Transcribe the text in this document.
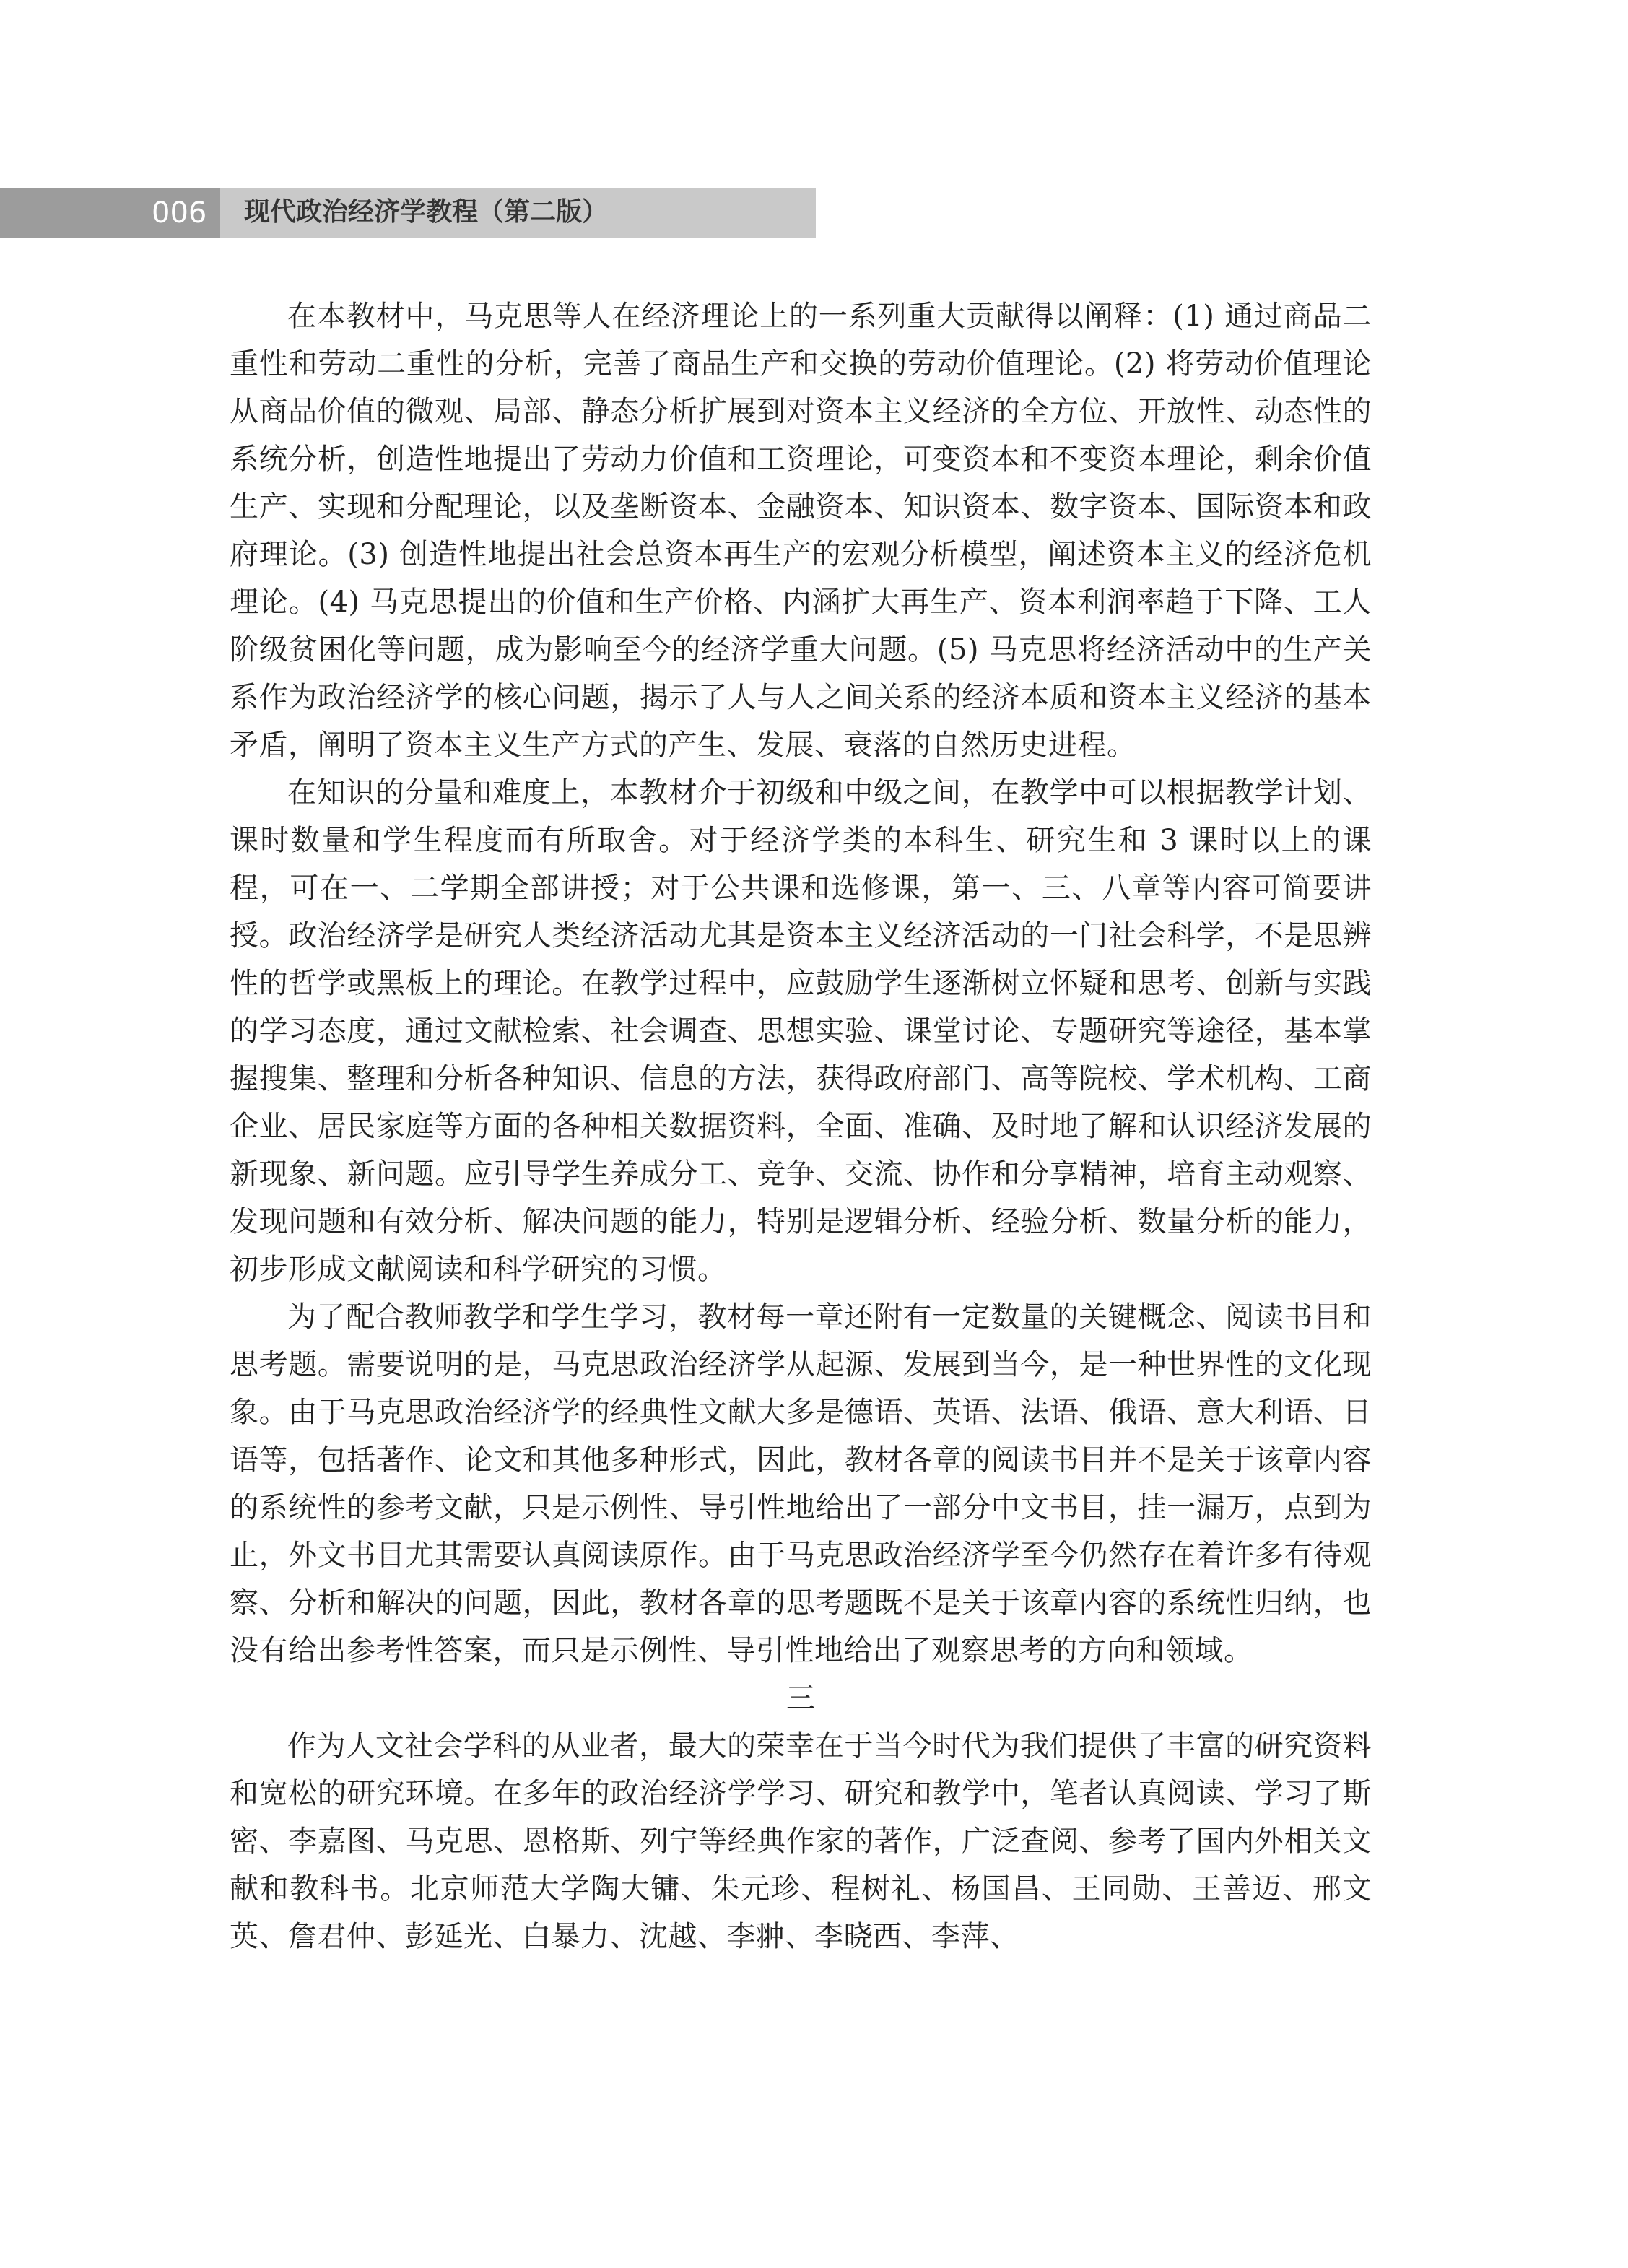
006 现代政治经济学教程（第二版）

在本教材中，马克思等人在经济理论上的一系列重大贡献得以阐释：(1) 通过商品二重性和劳动二重性的分析，完善了商品生产和交换的劳动价值理论。(2) 将劳动价值理论从商品价值的微观、局部、静态分析扩展到对资本主义经济的全方位、开放性、动态性的系统分析，创造性地提出了劳动力价值和工资理论，可变资本和不变资本理论，剩余价值生产、实现和分配理论，以及垄断资本、金融资本、知识资本、数字资本、国际资本和政府理论。(3) 创造性地提出社会总资本再生产的宏观分析模型，阐述资本主义的经济危机理论。(4) 马克思提出的价值和生产价格、内涵扩大再生产、资本利润率趋于下降、工人阶级贫困化等问题，成为影响至今的经济学重大问题。(5) 马克思将经济活动中的生产关系作为政治经济学的核心问题，揭示了人与人之间关系的经济本质和资本主义经济的基本矛盾，阐明了资本主义生产方式的产生、发展、衰落的自然历史进程。

在知识的分量和难度上，本教材介于初级和中级之间，在教学中可以根据教学计划、课时数量和学生程度而有所取舍。对于经济学类的本科生、研究生和 3 课时以上的课程，可在一、二学期全部讲授；对于公共课和选修课，第一、三、八章等内容可简要讲授。政治经济学是研究人类经济活动尤其是资本主义经济活动的一门社会科学，不是思辨性的哲学或黑板上的理论。在教学过程中，应鼓励学生逐渐树立怀疑和思考、创新与实践的学习态度，通过文献检索、社会调查、思想实验、课堂讨论、专题研究等途径，基本掌握搜集、整理和分析各种知识、信息的方法，获得政府部门、高等院校、学术机构、工商企业、居民家庭等方面的各种相关数据资料，全面、准确、及时地了解和认识经济发展的新现象、新问题。应引导学生养成分工、竞争、交流、协作和分享精神，培育主动观察、发现问题和有效分析、解决问题的能力，特别是逻辑分析、经验分析、数量分析的能力，初步形成文献阅读和科学研究的习惯。

为了配合教师教学和学生学习，教材每一章还附有一定数量的关键概念、阅读书目和思考题。需要说明的是，马克思政治经济学从起源、发展到当今，是一种世界性的文化现象。由于马克思政治经济学的经典性文献大多是德语、英语、法语、俄语、意大利语、日语等，包括著作、论文和其他多种形式，因此，教材各章的阅读书目并不是关于该章内容的系统性的参考文献，只是示例性、导引性地给出了一部分中文书目，挂一漏万，点到为止，外文书目尤其需要认真阅读原作。由于马克思政治经济学至今仍然存在着许多有待观察、分析和解决的问题，因此，教材各章的思考题既不是关于该章内容的系统性归纳，也没有给出参考性答案，而只是示例性、导引性地给出了观察思考的方向和领域。

三

作为人文社会学科的从业者，最大的荣幸在于当今时代为我们提供了丰富的研究资料和宽松的研究环境。在多年的政治经济学学习、研究和教学中，笔者认真阅读、学习了斯密、李嘉图、马克思、恩格斯、列宁等经典作家的著作，广泛查阅、参考了国内外相关文献和教科书。北京师范大学陶大镛、朱元珍、程树礼、杨国昌、王同勋、王善迈、邢文英、詹君仲、彭延光、白暴力、沈越、李翀、李晓西、李萍、
